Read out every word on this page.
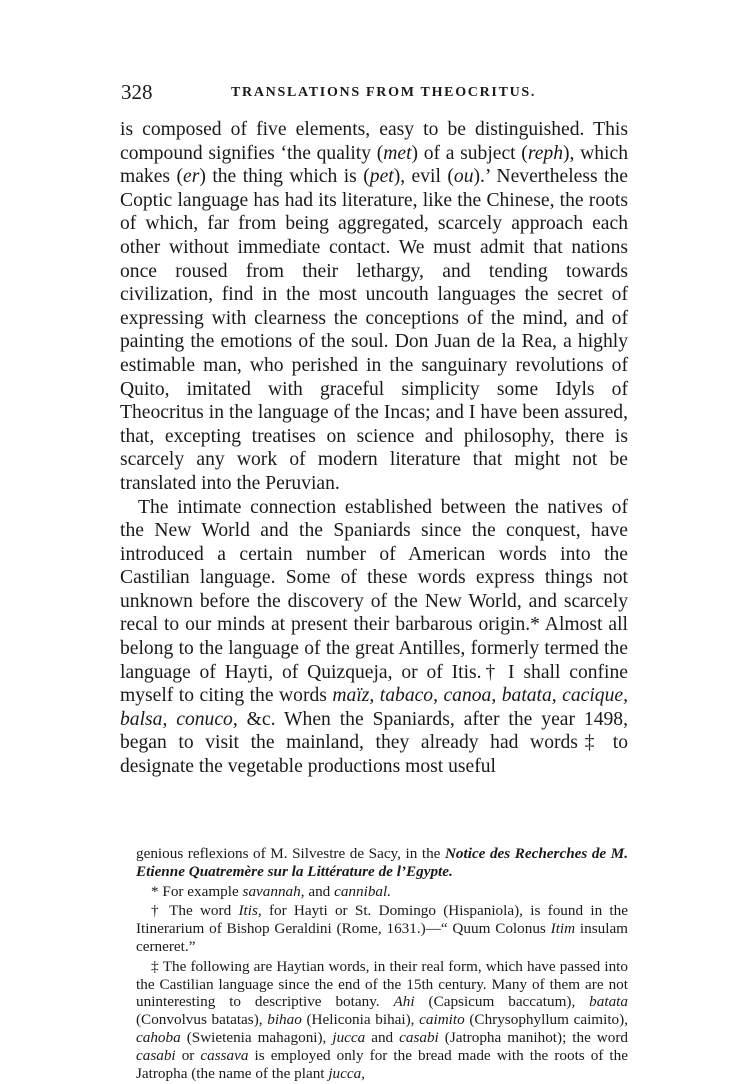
328	TRANSLATIONS FROM THEOCRITUS.

is composed of five elements, easy to be distinguished. This compound signifies ‘the quality (met) of a subject (reph), which makes (er) the thing which is (pet), evil (ou).’ Nevertheless the Coptic language has had its literature, like the Chinese, the roots of which, far from being aggregated, scarcely approach each other without immediate contact. We must admit that nations once roused from their lethargy, and tending towards civilization, find in the most uncouth languages the secret of expressing with clearness the conceptions of the mind, and of painting the emotions of the soul. Don Juan de la Rea, a highly estimable man, who perished in the sanguinary revolutions of Quito, imitated with graceful simplicity some Idyls of Theocritus in the language of the Incas; and I have been assured, that, excepting treatises on science and philosophy, there is scarcely any work of modern literature that might not be translated into the Peruvian.

The intimate connection established between the natives of the New World and the Spaniards since the conquest, have introduced a certain number of American words into the Castilian language. Some of these words express things not unknown before the discovery of the New World, and scarcely recal to our minds at present their barbarous origin.* Almost all belong to the language of the great Antilles, formerly termed the language of Hayti, of Quizqueja, or of Itis.† I shall confine myself to citing the words maïz, tabaco, canoa, batata, cacique, balsa, conuco, &c. When the Spaniards, after the year 1498, began to visit the mainland, they already had words‡ to designate the vegetable productions most useful

genious reflexions of M. Silvestre de Sacy, in the Notice des Recherches de M. Etienne Quatremère sur la Littérature de l’Egypte.

* For example savannah, and cannibal.

† The word Itis, for Hayti or St. Domingo (Hispaniola), is found in the Itinerarium of Bishop Geraldini (Rome, 1631.)—“ Quum Colonus Itim insulam cerneret.”

‡ The following are Haytian words, in their real form, which have passed into the Castilian language since the end of the 15th century. Many of them are not uninteresting to descriptive botany. Ahi (Capsicum baccatum), batata (Convolvus batatas), bihao (Heliconia bihai), caimito (Chrysophyllum caimito), cahoba (Swietenia mahagoni), jucca and casabi (Jatropha manihot); the word casabi or cassava is employed only for the bread made with the roots of the Jatropha (the name of the plant jucca,
